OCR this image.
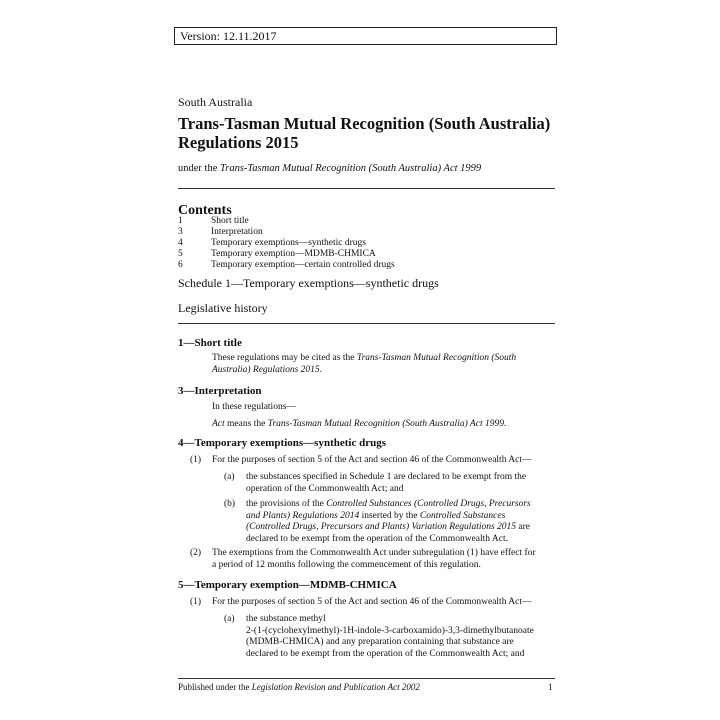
Version: 12.11.2017
South Australia
Trans-Tasman Mutual Recognition (South Australia)
Regulations 2015
under the Trans-Tasman Mutual Recognition (South Australia) Act 1999
Contents
1	Short title
3	Interpretation
4	Temporary exemptions—synthetic drugs
5	Temporary exemption—MDMB-CHMICA
6	Temporary exemption—certain controlled drugs
Schedule 1—Temporary exemptions—synthetic drugs
Legislative history
1—Short title
These regulations may be cited as the Trans-Tasman Mutual Recognition (South
Australia) Regulations 2015.
3—Interpretation
In these regulations—
Act means the Trans-Tasman Mutual Recognition (South Australia) Act 1999.
4—Temporary exemptions—synthetic drugs
(1)	For the purposes of section 5 of the Act and section 46 of the Commonwealth Act—
(a)	the substances specified in Schedule 1 are declared to be exempt from the
operation of the Commonwealth Act; and
(b)	the provisions of the Controlled Substances (Controlled Drugs, Precursors
and Plants) Regulations 2014 inserted by the Controlled Substances
(Controlled Drugs, Precursors and Plants) Variation Regulations 2015 are
declared to be exempt from the operation of the Commonwealth Act.
(2)	The exemptions from the Commonwealth Act under subregulation (1) have effect for
a period of 12 months following the commencement of this regulation.
5—Temporary exemption—MDMB-CHMICA
(1)	For the purposes of section 5 of the Act and section 46 of the Commonwealth Act—
(a)	the substance methyl
2-(1-(cyclohexylmethyl)-1H-indole-3-carboxamido)-3,3-dimethylbutanoate
(MDMB-CHMICA) and any preparation containing that substance are
declared to be exempt from the operation of the Commonwealth Act; and
Published under the Legislation Revision and Publication Act 2002	1
